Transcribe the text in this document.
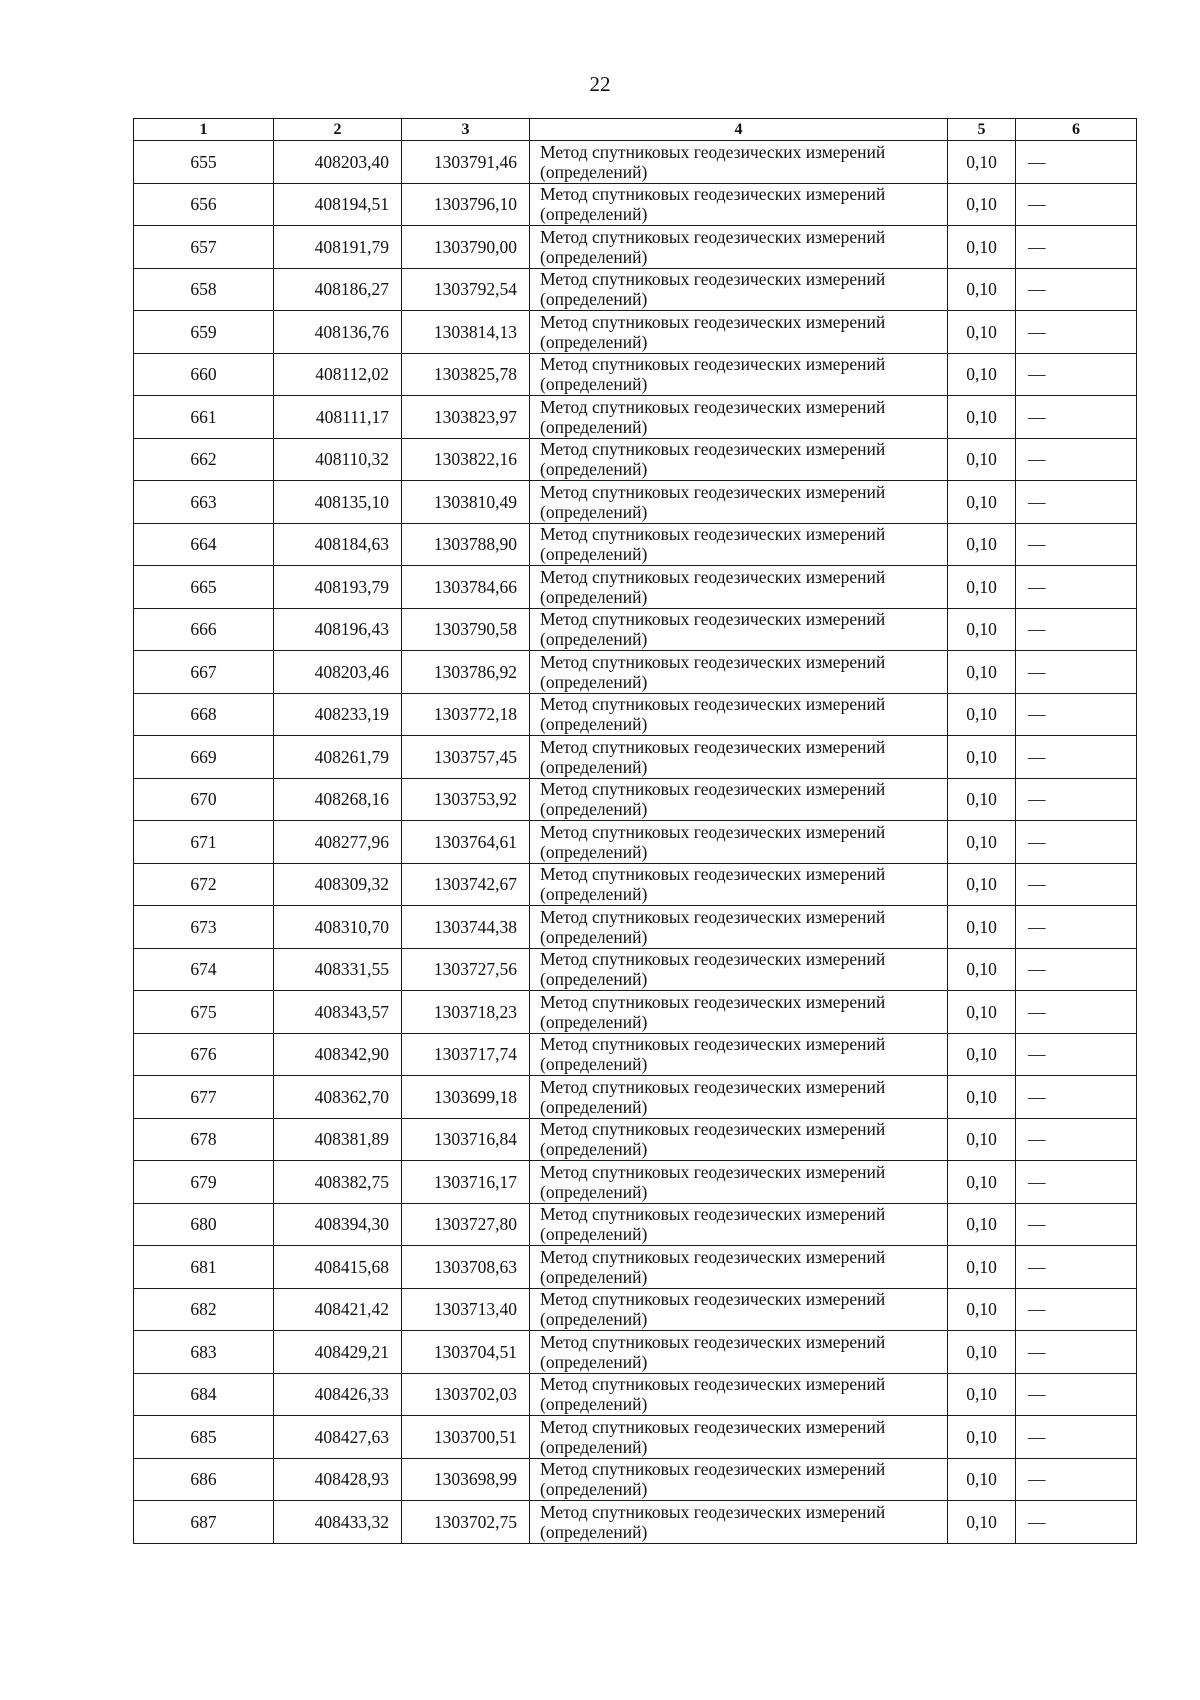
22
1	2	3	4	5	6
655	408203,40	1303791,46	Метод спутниковых геодезических измерений (определений)	0,10	—
656	408194,51	1303796,10	Метод спутниковых геодезических измерений (определений)	0,10	—
657	408191,79	1303790,00	Метод спутниковых геодезических измерений (определений)	0,10	—
658	408186,27	1303792,54	Метод спутниковых геодезических измерений (определений)	0,10	—
659	408136,76	1303814,13	Метод спутниковых геодезических измерений (определений)	0,10	—
660	408112,02	1303825,78	Метод спутниковых геодезических измерений (определений)	0,10	—
661	408111,17	1303823,97	Метод спутниковых геодезических измерений (определений)	0,10	—
662	408110,32	1303822,16	Метод спутниковых геодезических измерений (определений)	0,10	—
663	408135,10	1303810,49	Метод спутниковых геодезических измерений (определений)	0,10	—
664	408184,63	1303788,90	Метод спутниковых геодезических измерений (определений)	0,10	—
665	408193,79	1303784,66	Метод спутниковых геодезических измерений (определений)	0,10	—
666	408196,43	1303790,58	Метод спутниковых геодезических измерений (определений)	0,10	—
667	408203,46	1303786,92	Метод спутниковых геодезических измерений (определений)	0,10	—
668	408233,19	1303772,18	Метод спутниковых геодезических измерений (определений)	0,10	—
669	408261,79	1303757,45	Метод спутниковых геодезических измерений (определений)	0,10	—
670	408268,16	1303753,92	Метод спутниковых геодезических измерений (определений)	0,10	—
671	408277,96	1303764,61	Метод спутниковых геодезических измерений (определений)	0,10	—
672	408309,32	1303742,67	Метод спутниковых геодезических измерений (определений)	0,10	—
673	408310,70	1303744,38	Метод спутниковых геодезических измерений (определений)	0,10	—
674	408331,55	1303727,56	Метод спутниковых геодезических измерений (определений)	0,10	—
675	408343,57	1303718,23	Метод спутниковых геодезических измерений (определений)	0,10	—
676	408342,90	1303717,74	Метод спутниковых геодезических измерений (определений)	0,10	—
677	408362,70	1303699,18	Метод спутниковых геодезических измерений (определений)	0,10	—
678	408381,89	1303716,84	Метод спутниковых геодезических измерений (определений)	0,10	—
679	408382,75	1303716,17	Метод спутниковых геодезических измерений (определений)	0,10	—
680	408394,30	1303727,80	Метод спутниковых геодезических измерений (определений)	0,10	—
681	408415,68	1303708,63	Метод спутниковых геодезических измерений (определений)	0,10	—
682	408421,42	1303713,40	Метод спутниковых геодезических измерений (определений)	0,10	—
683	408429,21	1303704,51	Метод спутниковых геодезических измерений (определений)	0,10	—
684	408426,33	1303702,03	Метод спутниковых геодезических измерений (определений)	0,10	—
685	408427,63	1303700,51	Метод спутниковых геодезических измерений (определений)	0,10	—
686	408428,93	1303698,99	Метод спутниковых геодезических измерений (определений)	0,10	—
687	408433,32	1303702,75	Метод спутниковых геодезических измерений (определений)	0,10	—
